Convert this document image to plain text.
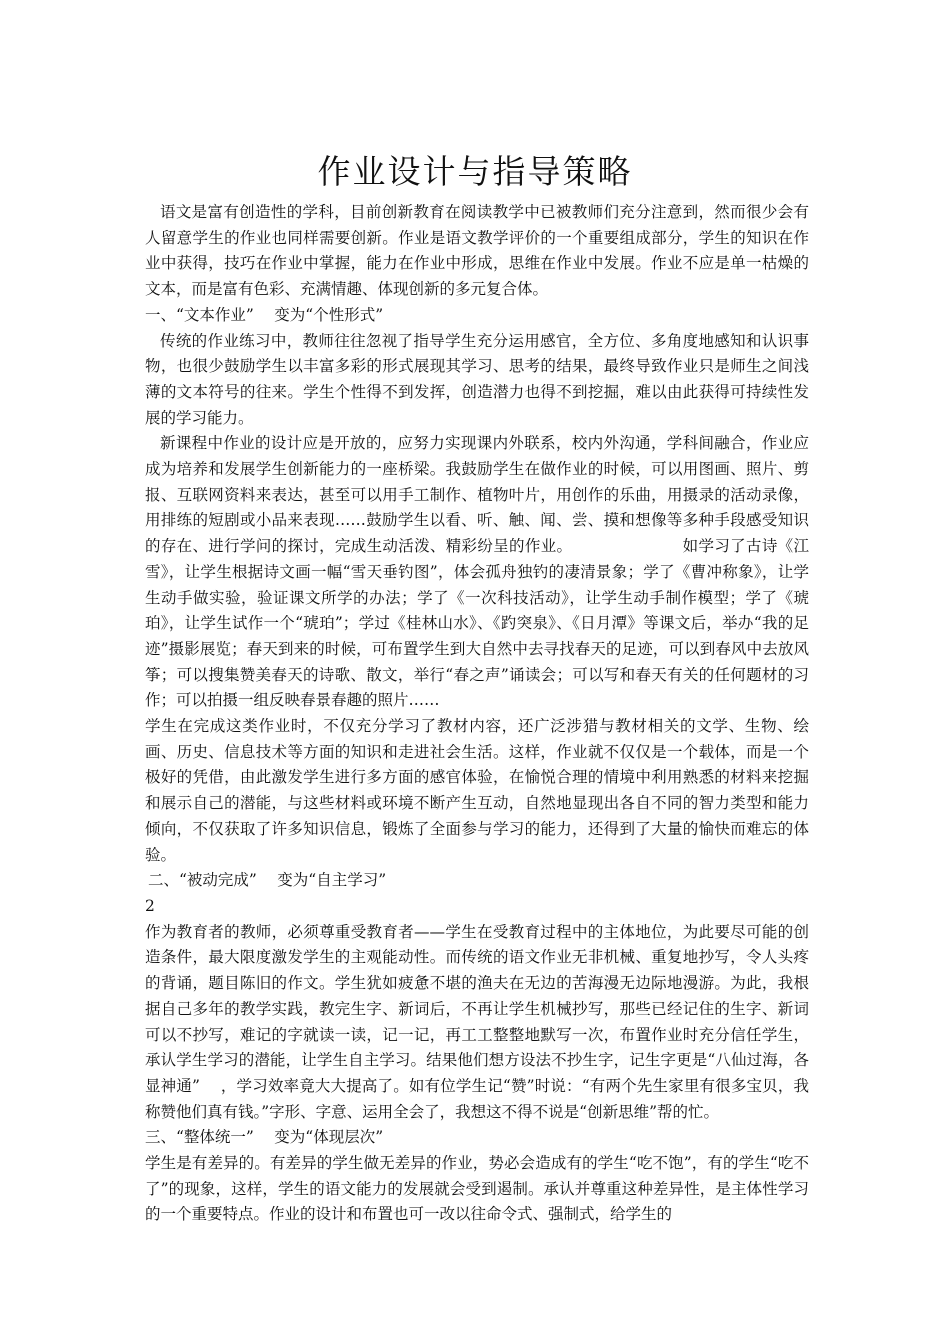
作业设计与指导策略

语文是富有创造性的学科，目前创新教育在阅读教学中已被教师们充分注意到，然而很少会有人留意学生的作业也同样需要创新。作业是语文教学评价的一个重要组成部分，学生的知识在作业中获得，技巧在作业中掌握，能力在作业中形成，思维在作业中发展。作业不应是单一枯燥的文本，而是富有色彩、充满情趣、体现创新的多元复合体。

一、“文本作业”　 变为“个性形式”

传统的作业练习中，教师往往忽视了指导学生充分运用感官，全方位、多角度地感知和认识事物，也很少鼓励学生以丰富多彩的形式展现其学习、思考的结果，最终导致作业只是师生之间浅薄的文本符号的往来。学生个性得不到发挥，创造潜力也得不到挖掘，难以由此获得可持续性发展的学习能力。

新课程中作业的设计应是开放的，应努力实现课内外联系，校内外沟通，学科间融合，作业应成为培养和发展学生创新能力的一座桥梁。我鼓励学生在做作业的时候，可以用图画、照片、剪报、互联网资料来表达，甚至可以用手工制作、植物叶片，用创作的乐曲，用摄录的活动录像，用排练的短剧或小品来表现……鼓励学生以看、听、触、闻、尝、摸和想像等多种手段感受知识的存在、进行学问的探讨，完成生动活泼、精彩纷呈的作业。	如学习了古诗《江雪》，让学生根据诗文画一幅“雪天垂钓图”，体会孤舟独钓的凄清景象；学了《曹冲称象》，让学生动手做实验，验证课文所学的办法；学了《一次科技活动》，让学生动手制作模型；学了《琥珀》，让学生试作一个“琥珀”；学过《桂林山水》、《趵突泉》、《日月潭》等课文后，举办“我的足迹”摄影展览；春天到来的时候，可布置学生到大自然中去寻找春天的足迹，可以到春风中去放风筝；可以搜集赞美春天的诗歌、散文，举行“春之声”诵读会；可以写和春天有关的任何题材的习作；可以拍摄一组反映春景春趣的照片……

学生在完成这类作业时，不仅充分学习了教材内容，还广泛涉猎与教材相关的文学、生物、绘画、历史、信息技术等方面的知识和走进社会生活。这样，作业就不仅仅是一个载体，而是一个极好的凭借，由此激发学生进行多方面的感官体验，在愉悦合理的情境中利用熟悉的材料来挖掘和展示自己的潜能，与这些材料或环境不断产生互动，自然地显现出各自不同的智力类型和能力倾向，不仅获取了许多知识信息，锻炼了全面参与学习的能力，还得到了大量的愉快而难忘的体验。

二、“被动完成”　 变为“自主学习”

2

作为教育者的教师，必须尊重受教育者——学生在受教育过程中的主体地位，为此要尽可能的创造条件，最大限度激发学生的主观能动性。而传统的语文作业无非机械、重复地抄写，令人头疼的背诵，题目陈旧的作文。学生犹如疲惫不堪的渔夫在无边的苦海漫无边际地漫游。为此，我根据自己多年的教学实践，教完生字、新词后，不再让学生机械抄写，那些已经记住的生字、新词可以不抄写，难记的字就读一读，记一记，再工工整整地默写一次，布置作业时充分信任学生，承认学生学习的潜能，让学生自主学习。结果他们想方设法不抄生字，记生字更是“八仙过海，各显神通”　 ，学习效率竟大大提高了。如有位学生记“赞”时说：“有两个先生家里有很多宝贝，我称赞他们真有钱。”字形、字意、运用全会了，我想这不得不说是“创新思维”帮的忙。

三、“整体统一”　 变为“体现层次”

学生是有差异的。有差异的学生做无差异的作业，势必会造成有的学生“吃不饱”，有的学生“吃不了”的现象，这样，学生的语文能力的发展就会受到遏制。承认并尊重这种差异性，是主体性学习的一个重要特点。作业的设计和布置也可一改以往命令式、强制式，给学生的
